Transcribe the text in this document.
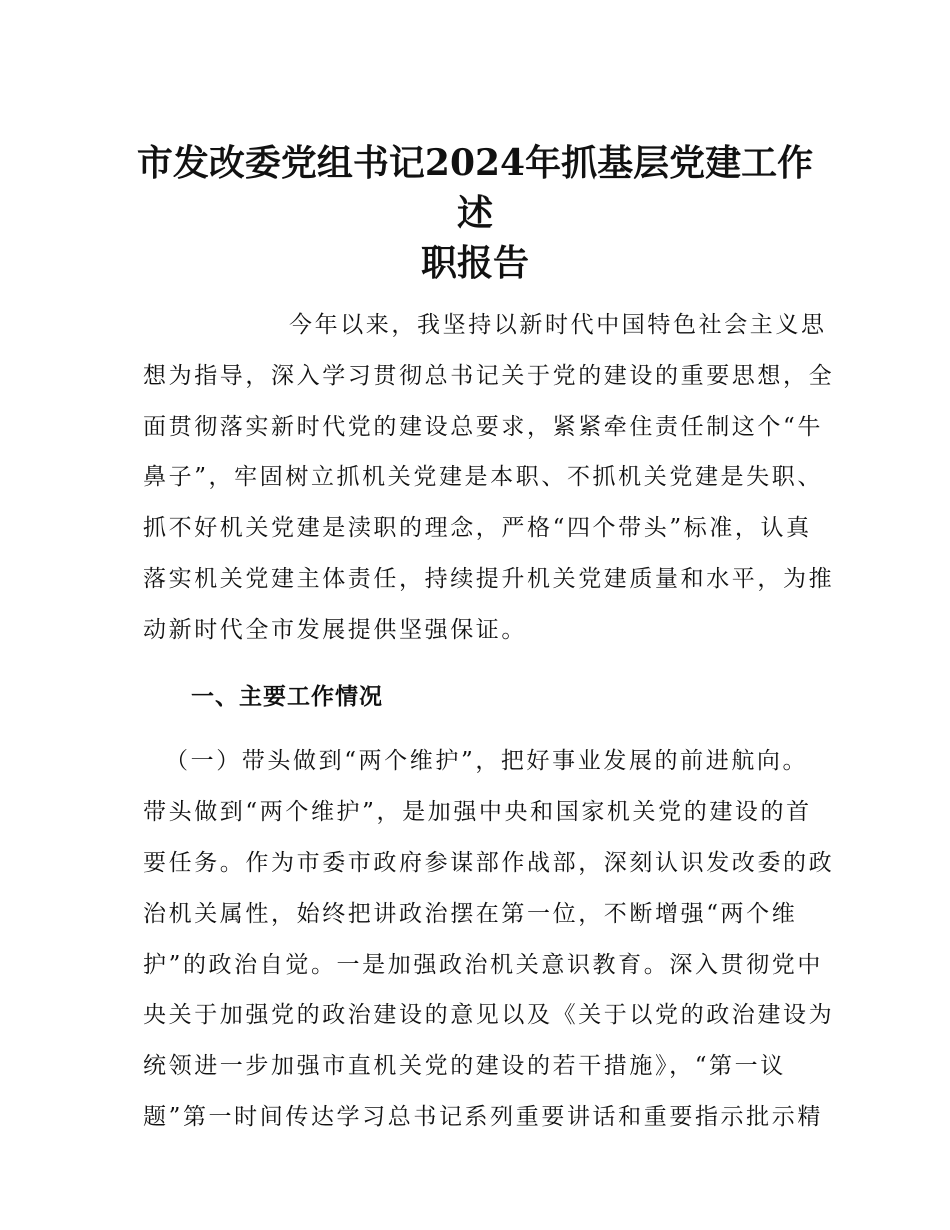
市发改委党组书记2024年抓基层党建工作述
职报告

今年以来，我坚持以新时代中国特色社会主义思

想为指导，深入学习贯彻总书记关于党的建设的重要思想，全

面贯彻落实新时代党的建设总要求，紧紧牵住责任制这个“牛

鼻子”，牢固树立抓机关党建是本职、不抓机关党建是失职、

抓不好机关党建是渎职的理念，严格“四个带头”标准，认真

落实机关党建主体责任，持续提升机关党建质量和水平，为推

动新时代全市发展提供坚强保证。

一、主要工作情况

（一）带头做到“两个维护”，把好事业发展的前进航向。

带头做到“两个维护”，是加强中央和国家机关党的建设的首

要任务。作为市委市政府参谋部作战部，深刻认识发改委的政

治机关属性，始终把讲政治摆在第一位，不断增强“两个维

护”的政治自觉。一是加强政治机关意识教育。深入贯彻党中

央关于加强党的政治建设的意见以及《关于以党的政治建设为

统领进一步加强市直机关党的建设的若干措施》，“第一议

题”第一时间传达学习总书记系列重要讲话和重要指示批示精
